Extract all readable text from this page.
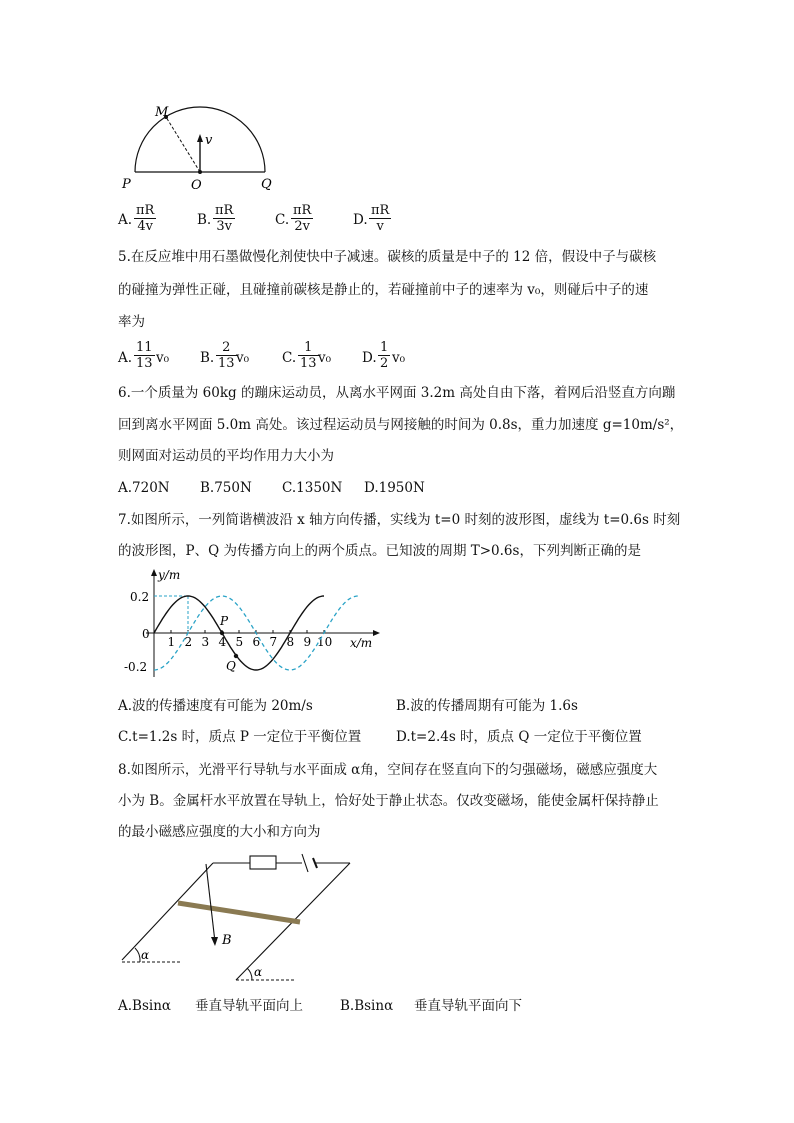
M
v
P	O	Q
A. $\frac{\pi R}{4v}$	B. $\frac{\pi R}{3v}$	C. $\frac{\pi R}{2v}$	D. $\frac{\pi R}{v}$
5.在反应堆中用石墨做慢化剂使快中子减速。碳核的质量是中子的 12 倍，假设中子与碳核
的碰撞为弹性正碰，且碰撞前碳核是静止的，若碰撞前中子的速率为 v₀，则碰后中子的速
率为
A. $\frac{11}{13} v_0$ B. $\frac{2}{13} v_0$ C. $\frac{1}{13} v_0$ D. $\frac{1}{2} v_0$
6.一个质量为 60kg 的蹦床运动员，从离水平网面 3.2m 高处自由下落，着网后沿竖直方向蹦
回到离水平网面 5.0m 高处。该过程运动员与网接触的时间为 0.8s，重力加速度 g=10m/s²，
则网面对运动员的平均作用力大小为
A.720N B.750N C.1350N D.1950N
7.如图所示，一列简谐横波沿 x 轴方向传播，实线为 t=0 时刻的波形图，虚线为 t=0.6s 时刻
的波形图，P、Q 为传播方向上的两个质点。已知波的周期 T>0.6s，下列判断正确的是
y/m
x/m
0.2
0
-0.2
1 2 3 4 5 6 7 8 9 10
P
Q
A.波的传播速度有可能为 20m/s	B.波的传播周期有可能为 1.6s
C.t=1.2s 时，质点 P 一定位于平衡位置	D.t=2.4s 时，质点 Q 一定位于平衡位置
8.如图所示，光滑平行导轨与水平面成 α角，空间存在竖直向下的匀强磁场，磁感应强度大
小为 B。金属杆水平放置在导轨上，恰好处于静止状态。仅改变磁场，能使金属杆保持静止
的最小磁感应强度的大小和方向为
B
α
α
A.Bsinα 垂直导轨平面向上	B.Bsinα 垂直导轨平面向下
